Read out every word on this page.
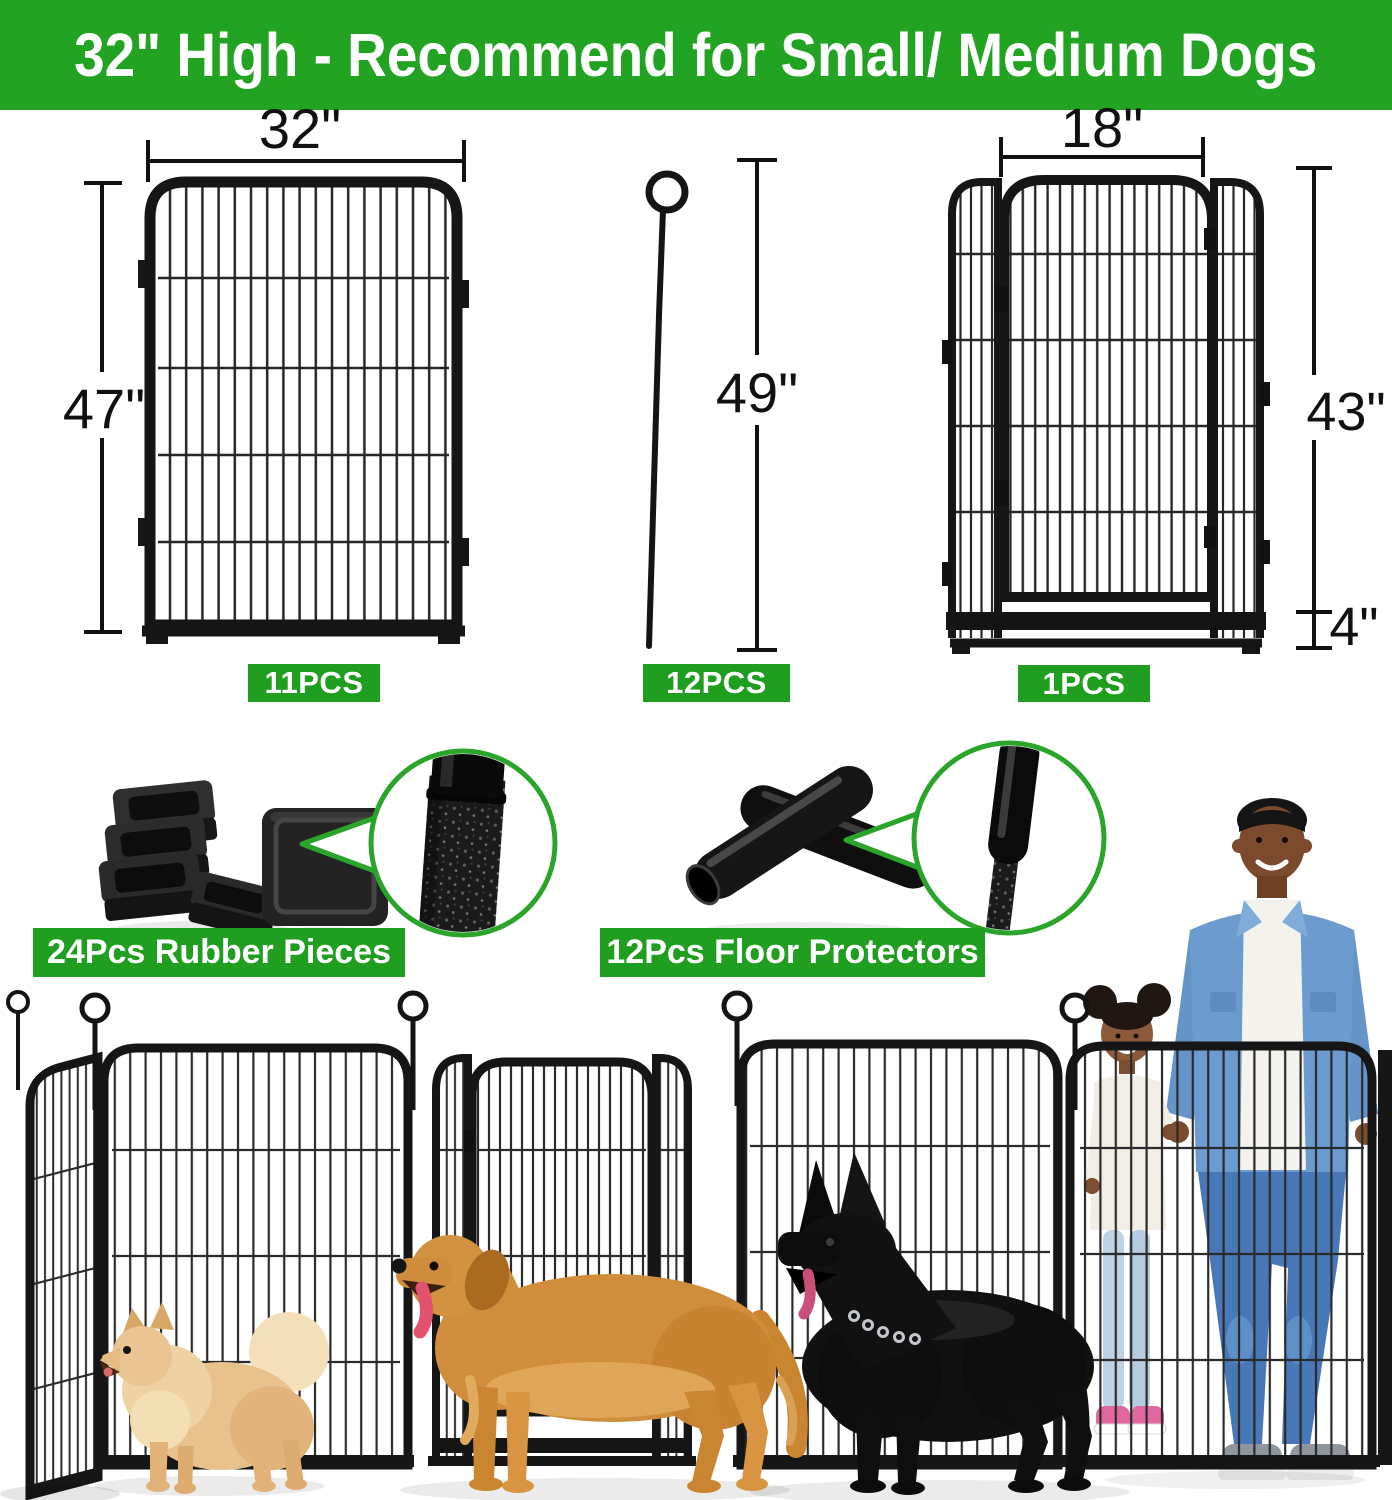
32" High - Recommend for Small/ Medium Dogs
32"
47"	49"
18"
43"
4"
11PCS	12PCS	1PCS
24Pcs Rubber Pieces	12Pcs Floor Protectors
